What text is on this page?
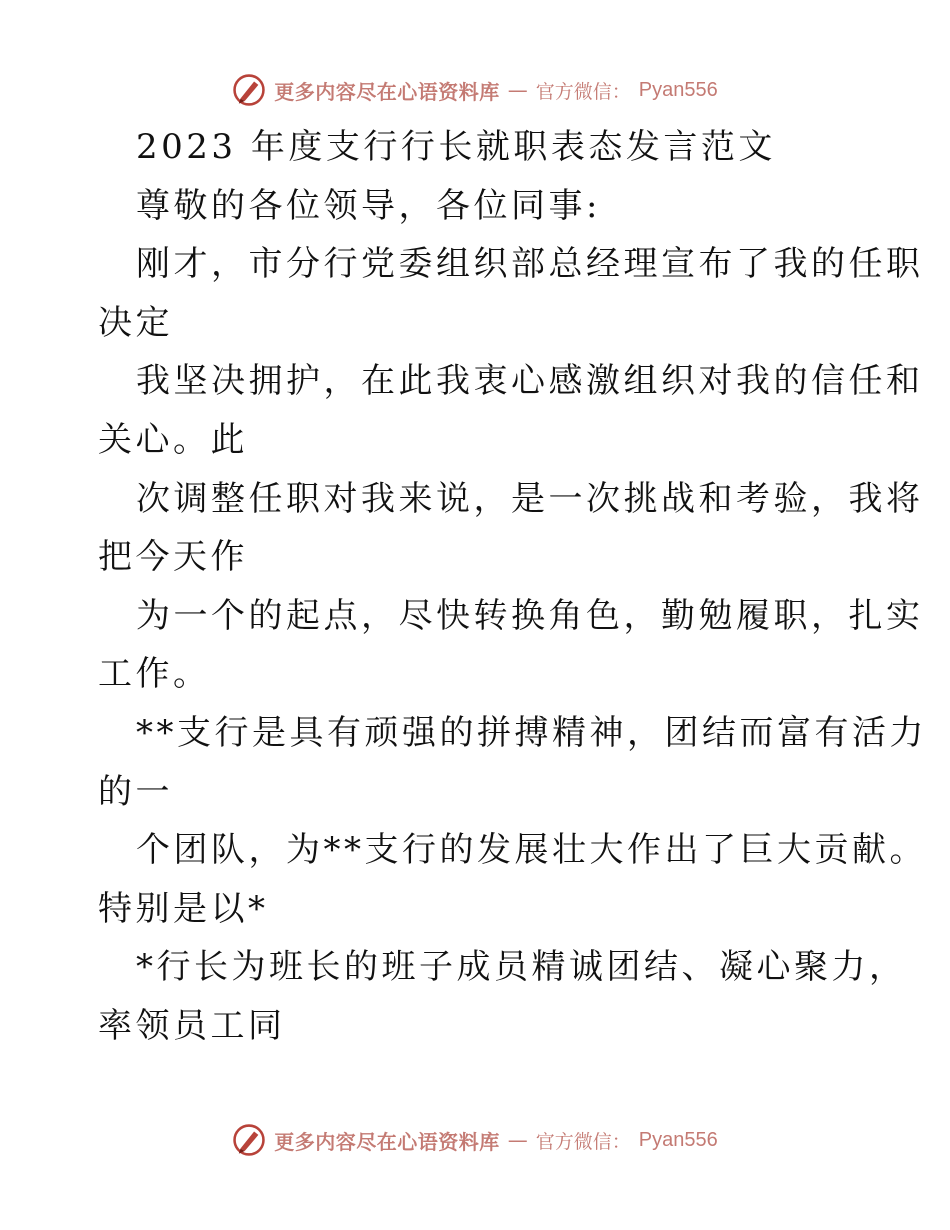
更多内容尽在心语资料库 — 官方微信： Pyan556

2023 年度支行行长就职表态发言范文

尊敬的各位领导，各位同事:

刚才，市分行党委组织部总经理宣布了我的任职

决定

我坚决拥护，在此我衷心感激组织对我的信任和

关心。此

次调整任职对我来说，是一次挑战和考验，我将

把今天作

为一个的起点，尽快转换角色，勤勉履职，扎实

工作。

**支行是具有顽强的拼搏精神，团结而富有活力

的一

个团队，为**支行的发展壮大作出了巨大贡献。

特别是以*

*行长为班长的班子成员精诚团结、凝心聚力，

率领员工同

更多内容尽在心语资料库 — 官方微信： Pyan556
